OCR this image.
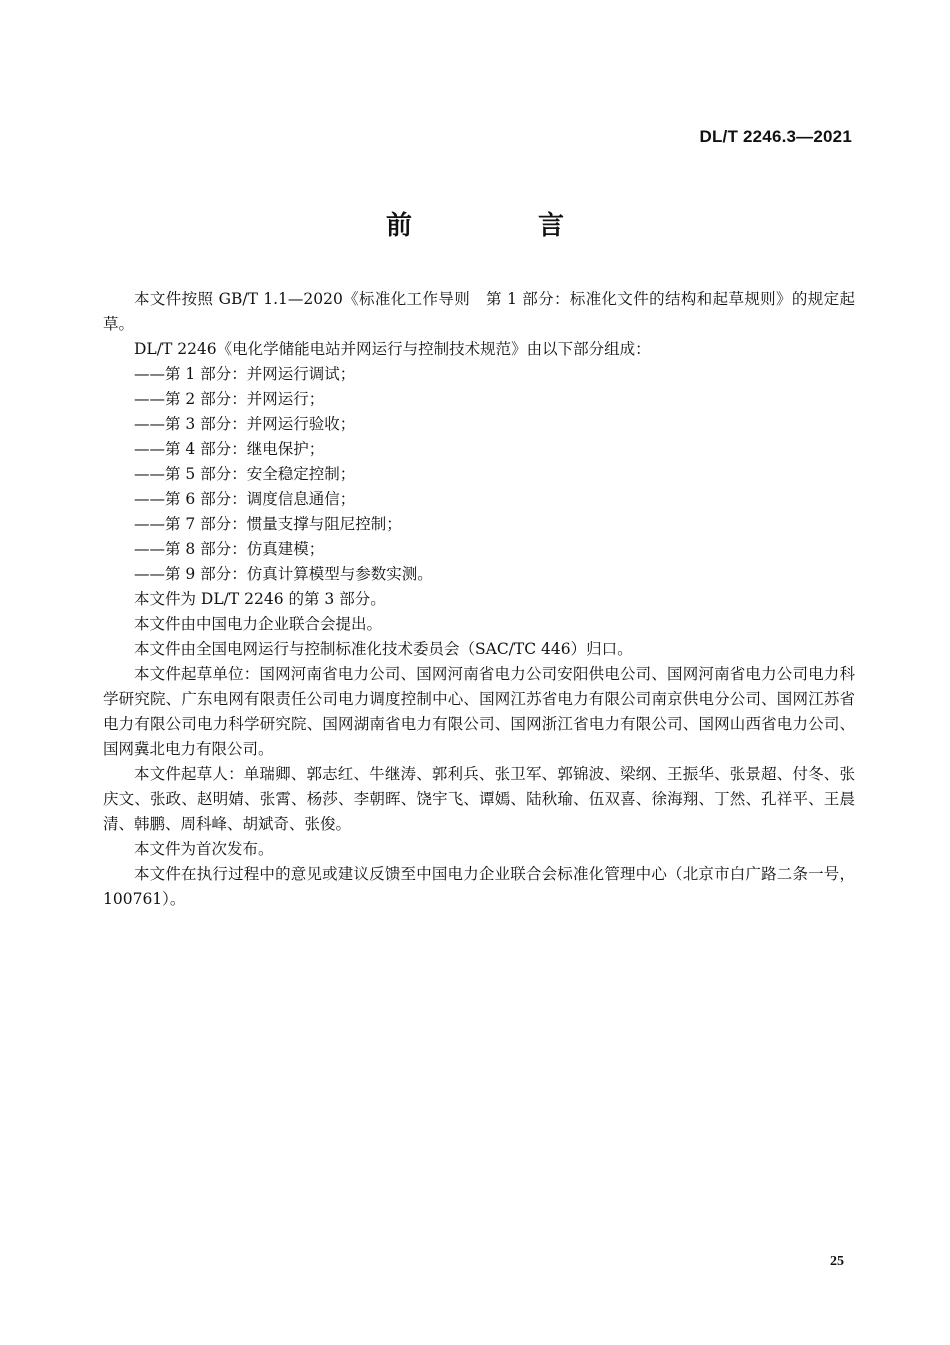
DL/T 2246.3—2021
前　言

本文件按照 GB/T 1.1—2020《标准化工作导则　第 1 部分：标准化文件的结构和起草规则》的规定起草。

DL/T 2246《电化学储能电站并网运行与控制技术规范》由以下部分组成：

——第 1 部分：并网运行调试；

——第 2 部分：并网运行；

——第 3 部分：并网运行验收；

——第 4 部分：继电保护；

——第 5 部分：安全稳定控制；

——第 6 部分：调度信息通信；

——第 7 部分：惯量支撑与阻尼控制；

——第 8 部分：仿真建模；

——第 9 部分：仿真计算模型与参数实测。

本文件为 DL/T 2246 的第 3 部分。

本文件由中国电力企业联合会提出。

本文件由全国电网运行与控制标准化技术委员会（SAC/TC 446）归口。

本文件起草单位：国网河南省电力公司、国网河南省电力公司安阳供电公司、国网河南省电力公司电力科学研究院、广东电网有限责任公司电力调度控制中心、国网江苏省电力有限公司南京供电分公司、国网江苏省电力有限公司电力科学研究院、国网湖南省电力有限公司、国网浙江省电力有限公司、国网山西省电力公司、国网冀北电力有限公司。

本文件起草人：单瑞卿、郭志红、牛继涛、郭利兵、张卫军、郭锦波、梁纲、王振华、张景超、付冬、张庆文、张政、赵明婧、张霄、杨莎、李朝晖、饶宇飞、谭嫣、陆秋瑜、伍双喜、徐海翔、丁然、孔祥平、王晨清、韩鹏、周科峰、胡斌奇、张俊。

本文件为首次发布。

本文件在执行过程中的意见或建议反馈至中国电力企业联合会标准化管理中心（北京市白广路二条一号，100761）。

25
